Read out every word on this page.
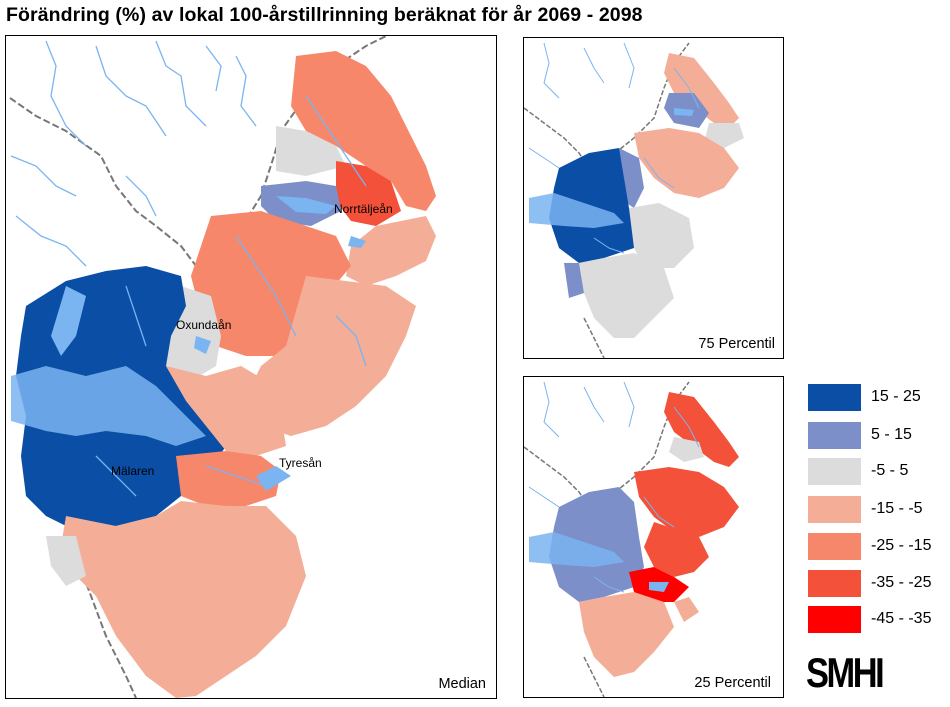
Förändring (%) av lokal 100-årstillrinning beräknat för år 2069 - 2098
Norrtäljeån
Oxundaån
Mälaren
Tyresån
Median
75 Percentil
25 Percentil
15 - 25
5 - 15
-5 - 5
-15 - -5
-25 - -15
-35 - -25
-45 - -35
SMHI
